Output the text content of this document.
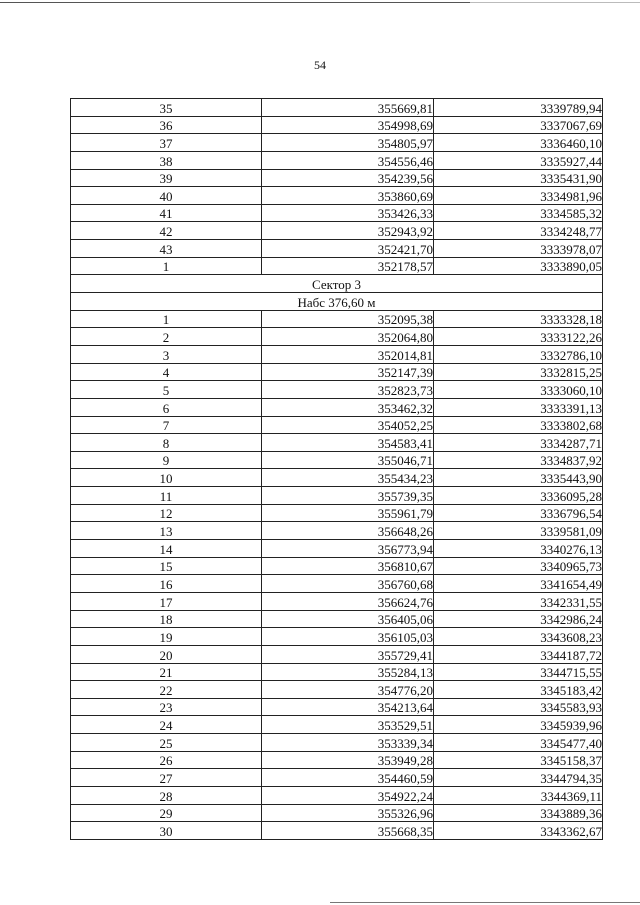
54
35	355669,81	3339789,94
36	354998,69	3337067,69
37	354805,97	3336460,10
38	354556,46	3335927,44
39	354239,56	3335431,90
40	353860,69	3334981,96
41	353426,33	3334585,32
42	352943,92	3334248,77
43	352421,70	3333978,07
1	352178,57	3333890,05
Сектор 3		
Набс 376,60 м		
1	352095,38	3333328,18
2	352064,80	3333122,26
3	352014,81	3332786,10
4	352147,39	3332815,25
5	352823,73	3333060,10
6	353462,32	3333391,13
7	354052,25	3333802,68
8	354583,41	3334287,71
9	355046,71	3334837,92
10	355434,23	3335443,90
11	355739,35	3336095,28
12	355961,79	3336796,54
13	356648,26	3339581,09
14	356773,94	3340276,13
15	356810,67	3340965,73
16	356760,68	3341654,49
17	356624,76	3342331,55
18	356405,06	3342986,24
19	356105,03	3343608,23
20	355729,41	3344187,72
21	355284,13	3344715,55
22	354776,20	3345183,42
23	354213,64	3345583,93
24	353529,51	3345939,96
25	353339,34	3345477,40
26	353949,28	3345158,37
27	354460,59	3344794,35
28	354922,24	3344369,11
29	355326,96	3343889,36
30	355668,35	3343362,67
